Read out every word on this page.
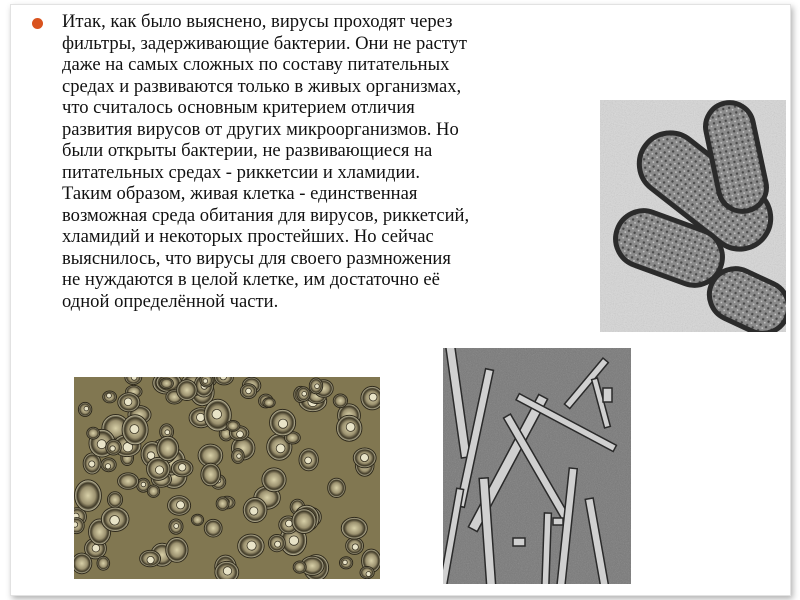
Итак, как было выяснено, вирусы проходят через
фильтры, задерживающие бактерии. Они не растут
даже на самых сложных по составу питательных
средах и развиваются только в живых организмах,
что считалось основным критерием отличия
развития вирусов от других микроорганизмов. Но
были открыты бактерии, не развивающиеся на
питательных средах - риккетсии и хламидии.
Таким образом, живая клетка - единственная
возможная среда обитания для вирусов, риккетсий,
хламидий и некоторых простейших. Но сейчас
выяснилось, что вирусы для своего размножения
не нуждаются в целой клетке, им достаточно её
одной определённой части.
